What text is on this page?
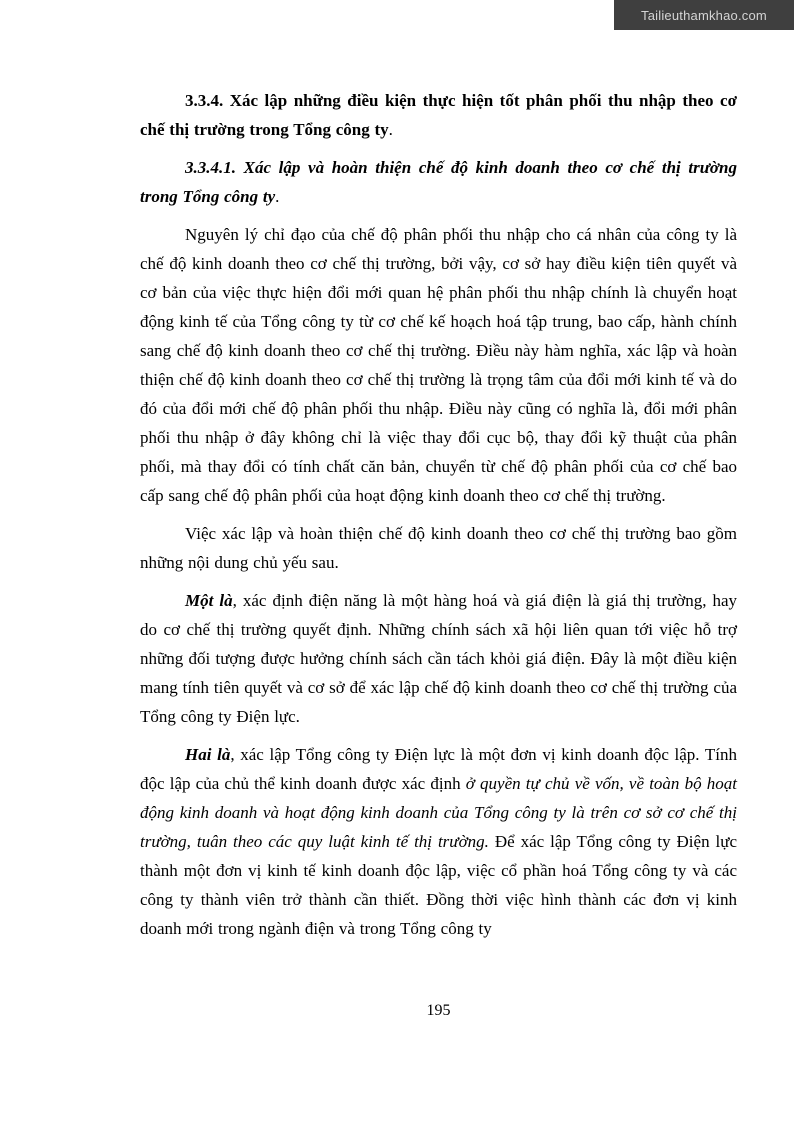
Tailieuthamkhao.com

3.3.4. Xác lập những điều kiện thực hiện tốt phân phối thu nhập theo cơ chế thị trường trong Tổng công ty.

3.3.4.1. Xác lập và hoàn thiện chế độ kinh doanh theo cơ chế thị trường trong Tổng công ty.

Nguyên lý chỉ đạo của chế độ phân phối thu nhập cho cá nhân của công ty là chế độ kinh doanh theo cơ chế thị trường, bởi vậy, cơ sở hay điều kiện tiên quyết và cơ bản của việc thực hiện đổi mới quan hệ phân phối thu nhập chính là chuyển hoạt động kinh tế của Tổng công ty từ cơ chế kế hoạch hoá tập trung, bao cấp, hành chính sang chế độ kinh doanh theo cơ chế thị trường. Điều này hàm nghĩa, xác lập và hoàn thiện chế độ kinh doanh theo cơ chế thị trường là trọng tâm của đổi mới kinh tế và do đó của đổi mới chế độ phân phối thu nhập. Điều này cũng có nghĩa là, đổi mới phân phối thu nhập ở đây không chỉ là việc thay đổi cục bộ, thay đổi kỹ thuật của phân phối, mà thay đổi có tính chất căn bản, chuyển từ chế độ phân phối của cơ chế bao cấp sang chế độ phân phối của hoạt động kinh doanh theo cơ chế thị trường.

Việc xác lập và hoàn thiện chế độ kinh doanh theo cơ chế thị trường bao gồm những nội dung chủ yếu sau.

Một là, xác định điện năng là một hàng hoá và giá điện là giá thị trường, hay do cơ chế thị trường quyết định. Những chính sách xã hội liên quan tới việc hỗ trợ những đối tượng được hưởng chính sách cần tách khỏi giá điện. Đây là một điều kiện mang tính tiên quyết và cơ sở để xác lập chế độ kinh doanh theo cơ chế thị trường của Tổng công ty Điện lực.

Hai là, xác lập Tổng công ty Điện lực là một đơn vị kinh doanh độc lập. Tính độc lập của chủ thể kinh doanh được xác định ở quyền tự chủ về vốn, về toàn bộ hoạt động kinh doanh và hoạt động kinh doanh của Tổng công ty là trên cơ sở cơ chế thị trường, tuân theo các quy luật kinh tế thị trường. Để xác lập Tổng công ty Điện lực thành một đơn vị kinh tế kinh doanh độc lập, việc cổ phần hoá Tổng công ty và các công ty thành viên trở thành cần thiết. Đồng thời việc hình thành các đơn vị kinh doanh mới trong ngành điện và trong Tổng công ty

195
